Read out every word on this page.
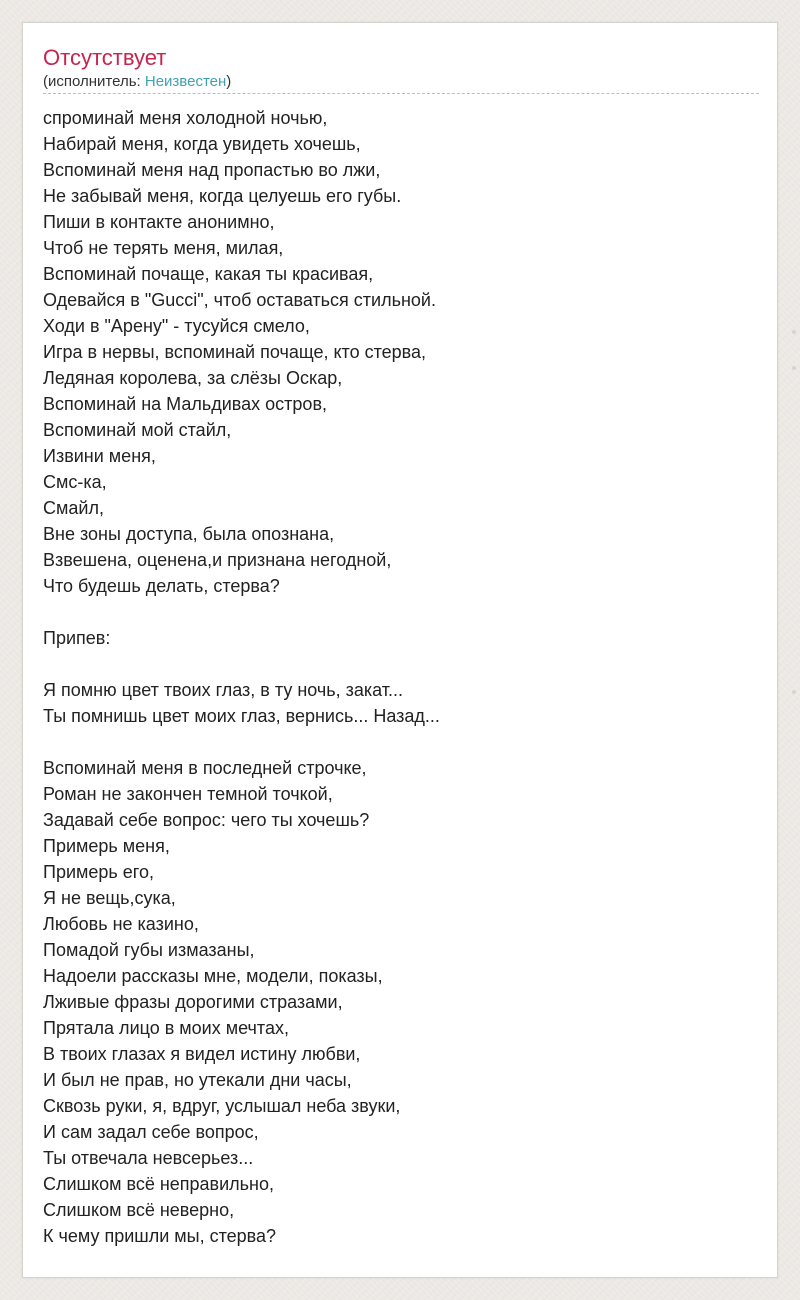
Отсутствует
(исполнитель: Неизвестен)
спроминай меня холодной ночью,
Набирай меня, когда увидеть хочешь,
Вспоминай меня над пропастью во лжи,
Не забывай меня, когда целуешь его губы.
Пиши в контакте анонимно,
Чтоб не терять меня, милая,
Вспоминай почаще, какая ты красивая,
Одевайся в "Gucci", чтоб оставаться стильной.
Ходи в "Арену" - тусуйся смело,
Игра в нервы, вспоминай почаще, кто стерва,
Ледяная королева, за слёзы Оскар,
Вспоминай на Мальдивах остров,
Вспоминай мой стайл,
Извини меня,
Смс-ка,
Смайл,
Вне зоны доступа, была опознана,
Взвешена, оценена,и признана негодной,
Что будешь делать, стерва?
Припев:
Я помню цвет твоих глаз, в ту ночь, закат...
Ты помнишь цвет моих глаз, вернись... Назад...
Вспоминай меня в последней строчке,
Роман не закончен темной точкой,
Задавай себе вопрос: чего ты хочешь?
Примерь меня,
Примерь его,
Я не вещь,сука,
Любовь не казино,
Помадой губы измазаны,
Надоели рассказы мне, модели, показы,
Лживые фразы дорогими стразами,
Прятала лицо в моих мечтах,
В твоих глазах я видел истину любви,
И был не прав, но утекали дни часы,
Сквозь руки, я, вдруг, услышал неба звуки,
И сам задал себе вопрос,
Ты отвечала невсерьез...
Слишком всё неправильно,
Слишком всё неверно,
К чему пришли мы, стерва?
